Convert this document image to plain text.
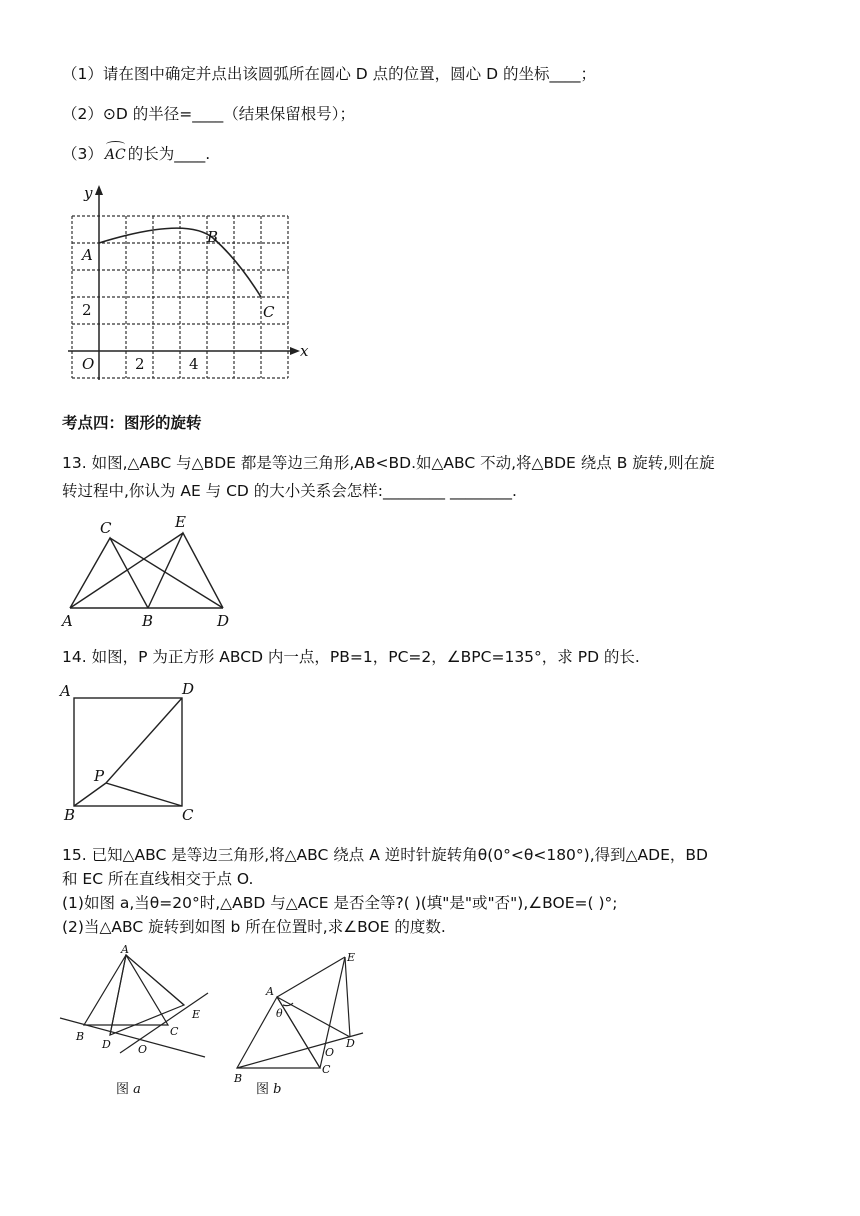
（1）请在图中确定并点出该圆弧所在圆心 D 点的位置，圆心 D 的坐标____；
（2）⊙D 的半径=____（结果保留根号）；
（3） AC 的长为____.
y
x
A
B
C
O
2
2	4
考点四：图形的旋转
13. 如图,△ABC 与△BDE 都是等边三角形,AB<BD.如△ABC 不动,将△BDE 绕点 B 旋转,则在旋
转过程中,你认为 AE 与 CD 的大小关系会怎样:________ ________.
C	E
A	B	D
14. 如图，P 为正方形 ABCD 内一点，PB=1，PC=2，∠BPC=135°，求 PD 的长.
A	D
P
B	C
15. 已知△ABC 是等边三角形,将△ABC 绕点 A 逆时针旋转角θ(0°<θ<180°),得到△ADE，BD
和 EC 所在直线相交于点 O.
(1)如图 a,当θ=20°时,△ABD 与△ACE 是否全等?( )(填"是"或"否"),∠BOE=( )°;
(2)当△ABC 旋转到如图 b 所在位置时,求∠BOE 的度数.
A
B
D
C
E
O
图 a
A
θ
E
D
O
C
B
图 b
